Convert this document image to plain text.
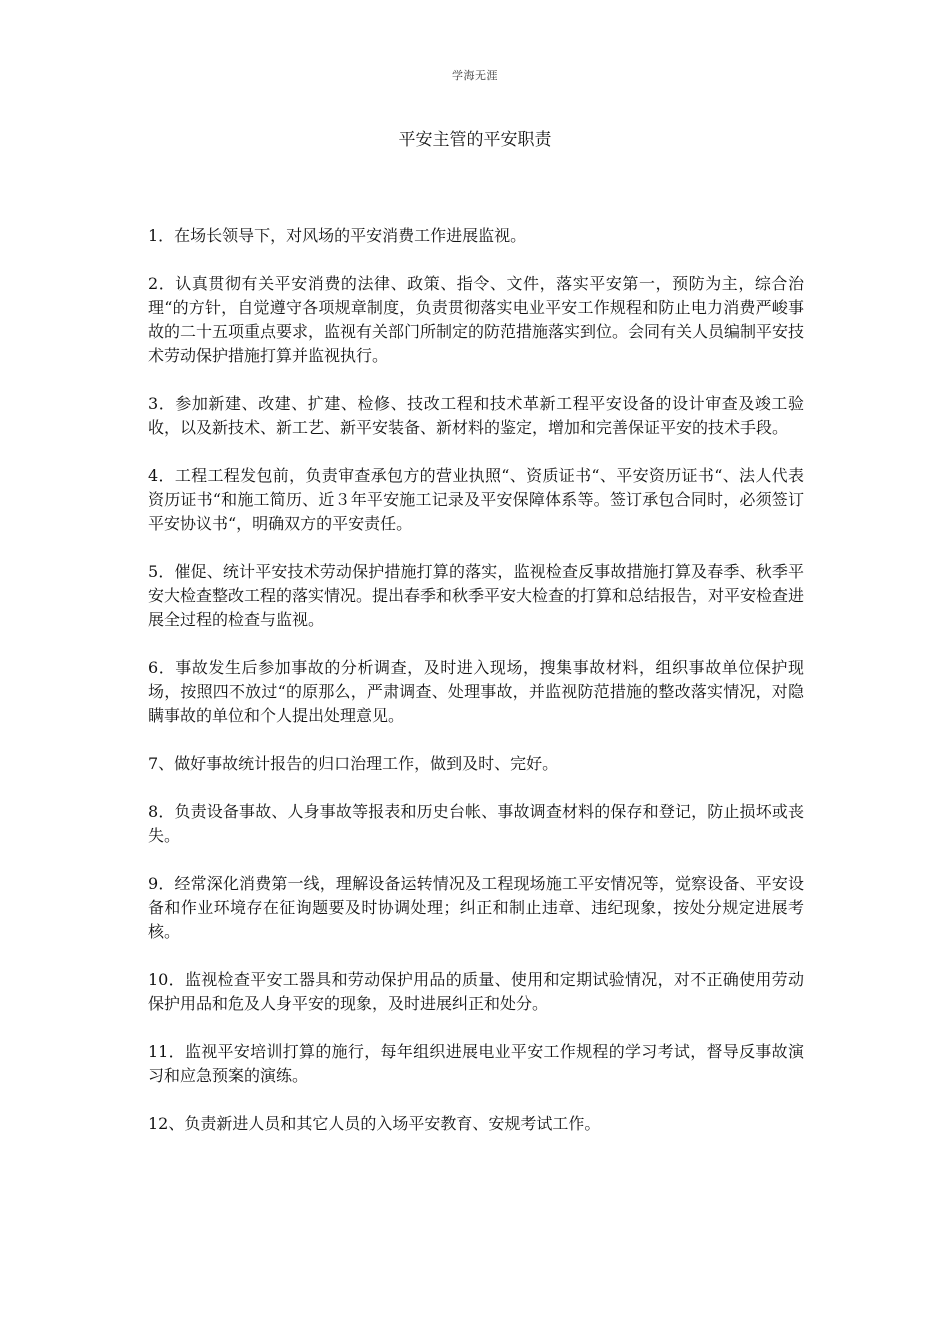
学海无涯
平安主管的平安职责

1．在场长领导下，对风场的平安消费工作进展监视。

2．认真贯彻有关平安消费的法律、政策、指令、文件，落实平安第一，预防为主，综合治理“的方针，自觉遵守各项规章制度，负责贯彻落实电业平安工作规程和防止电力消费严峻事故的二十五项重点要求，监视有关部门所制定的防范措施落实到位。会同有关人员编制平安技术劳动保护措施打算并监视执行。

3．参加新建、改建、扩建、检修、技改工程和技术革新工程平安设备的设计审查及竣工验收，以及新技术、新工艺、新平安装备、新材料的鉴定，增加和完善保证平安的技术手段。

4．工程工程发包前，负责审查承包方的营业执照“、资质证书“、平安资历证书“、法人代表资历证书“和施工简历、近３年平安施工记录及平安保障体系等。签订承包合同时，必须签订平安协议书“，明确双方的平安责任。

5．催促、统计平安技术劳动保护措施打算的落实，监视检查反事故措施打算及春季、秋季平安大检查整改工程的落实情况。提出春季和秋季平安大检查的打算和总结报告，对平安检查进展全过程的检查与监视。

6．事故发生后参加事故的分析调查，及时进入现场，搜集事故材料，组织事故单位保护现场，按照四不放过“的原那么，严肃调查、处理事故，并监视防范措施的整改落实情况，对隐瞒事故的单位和个人提出处理意见。

7、做好事故统计报告的归口治理工作，做到及时、完好。

8．负责设备事故、人身事故等报表和历史台帐、事故调查材料的保存和登记，防止损坏或丧失。

9．经常深化消费第一线，理解设备运转情况及工程现场施工平安情况等，觉察设备、平安设备和作业环境存在征询题要及时协调处理；纠正和制止违章、违纪现象，按处分规定进展考核。

10．监视检查平安工器具和劳动保护用品的质量、使用和定期试验情况，对不正确使用劳动保护用品和危及人身平安的现象，及时进展纠正和处分。

11．监视平安培训打算的施行，每年组织进展电业平安工作规程的学习考试，督导反事故演习和应急预案的演练。

12、负责新进人员和其它人员的入场平安教育、安规考试工作。
